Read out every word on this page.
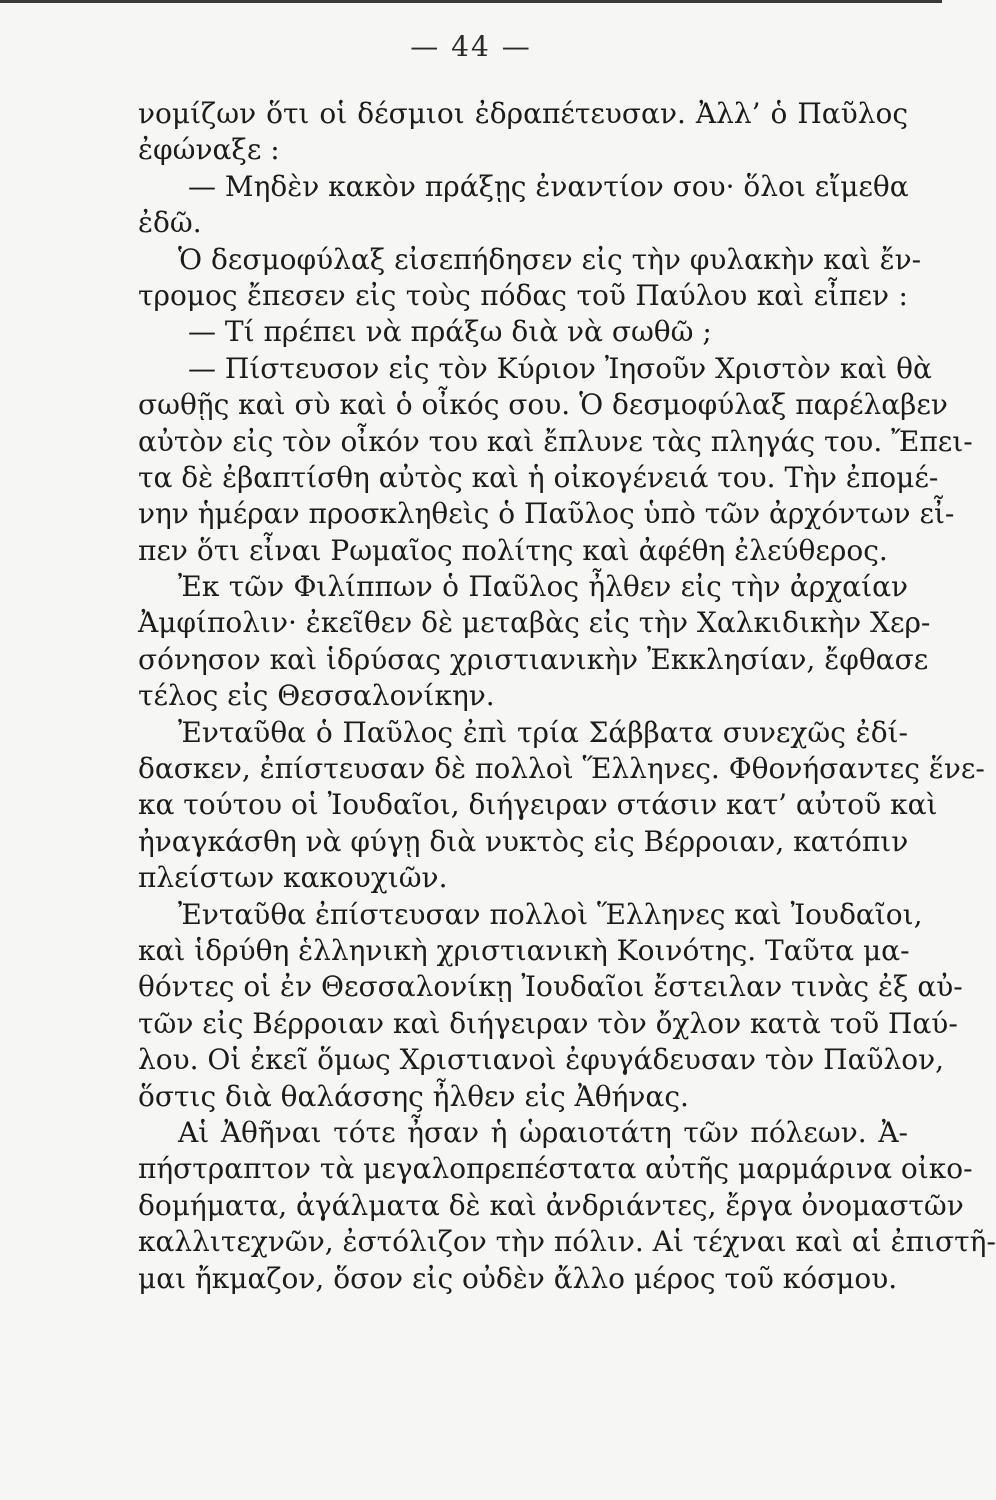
— 44 —
νομίζων ὅτι οἱ δέσμιοι ἐδραπέτευσαν. Ἀλλ’ ὁ Παῦλος
ἐφώναξε :
— Μηδὲν κακὸν πράξῃς ἐναντίον σου· ὅλοι εἴμεθα
ἐδῶ.
Ὁ δεσμοφύλαξ εἰσεπήδησεν εἰς τὴν φυλακὴν καὶ ἔν-
τρομος ἔπεσεν εἰς τοὺς πόδας τοῦ Παύλου καὶ εἶπεν :
— Τί πρέπει νὰ πράξω διὰ νὰ σωθῶ ;
— Πίστευσον εἰς τὸν Κύριον Ἰησοῦν Χριστὸν καὶ θὰ
σωθῇς καὶ σὺ καὶ ὁ οἶκός σου. Ὁ δεσμοφύλαξ παρέλαβεν
αὐτὸν εἰς τὸν οἶκόν του καὶ ἔπλυνε τὰς πληγάς του. Ἔπει-
τα δὲ ἐβαπτίσθη αὐτὸς καὶ ἡ οἰκογένειά του. Τὴν ἐπομέ-
νην ἡμέραν προσκληθεὶς ὁ Παῦλος ὑπὸ τῶν ἀρχόντων εἶ-
πεν ὅτι εἶναι Ρωμαῖος πολίτης καὶ ἀφέθη ἐλεύθερος.
Ἐκ τῶν Φιλίππων ὁ Παῦλος ἦλθεν εἰς τὴν ἀρχαίαν
Ἀμφίπολιν· ἐκεῖθεν δὲ μεταβὰς εἰς τὴν Χαλκιδικὴν Χερ-
σόνησον καὶ ἱδρύσας χριστιανικὴν Ἐκκλησίαν, ἔφθασε
τέλος εἰς Θεσσαλονίκην.
Ἐνταῦθα ὁ Παῦλος ἐπὶ τρία Σάββατα συνεχῶς ἐδί-
δασκεν, ἐπίστευσαν δὲ πολλοὶ Ἕλληνες. Φθονήσαντες ἕνε-
κα τούτου οἱ Ἰουδαῖοι, διήγειραν στάσιν κατ’ αὐτοῦ καὶ
ἠναγκάσθη νὰ φύγῃ διὰ νυκτὸς εἰς Βέρροιαν, κατόπιν
πλείστων κακουχιῶν.
Ἐνταῦθα ἐπίστευσαν πολλοὶ Ἕλληνες καὶ Ἰουδαῖοι,
καὶ ἱδρύθη ἑλληνικὴ χριστιανικὴ Κοινότης. Ταῦτα μα-
θόντες οἱ ἐν Θεσσαλονίκῃ Ἰουδαῖοι ἔστειλαν τινὰς ἐξ αὐ-
τῶν εἰς Βέρροιαν καὶ διήγειραν τὸν ὄχλον κατὰ τοῦ Παύ-
λου. Οἱ ἐκεῖ ὅμως Χριστιανοὶ ἐφυγάδευσαν τὸν Παῦλον,
ὅστις διὰ θαλάσσης ἦλθεν εἰς Ἀθήνας.
Αἱ Ἀθῆναι τότε ἦσαν ἡ ὡραιοτάτη τῶν πόλεων. Ἀ-
πήστραπτον τὰ μεγαλοπρεπέστατα αὐτῆς μαρμάρινα οἰκο-
δομήματα, ἀγάλματα δὲ καὶ ἀνδριάντες, ἔργα ὀνομαστῶν
καλλιτεχνῶν, ἐστόλιζον τὴν πόλιν. Αἱ τέχναι καὶ αἱ ἐπιστῆ-
μαι ἤκμαζον, ὅσον εἰς οὐδὲν ἄλλο μέρος τοῦ κόσμου.
